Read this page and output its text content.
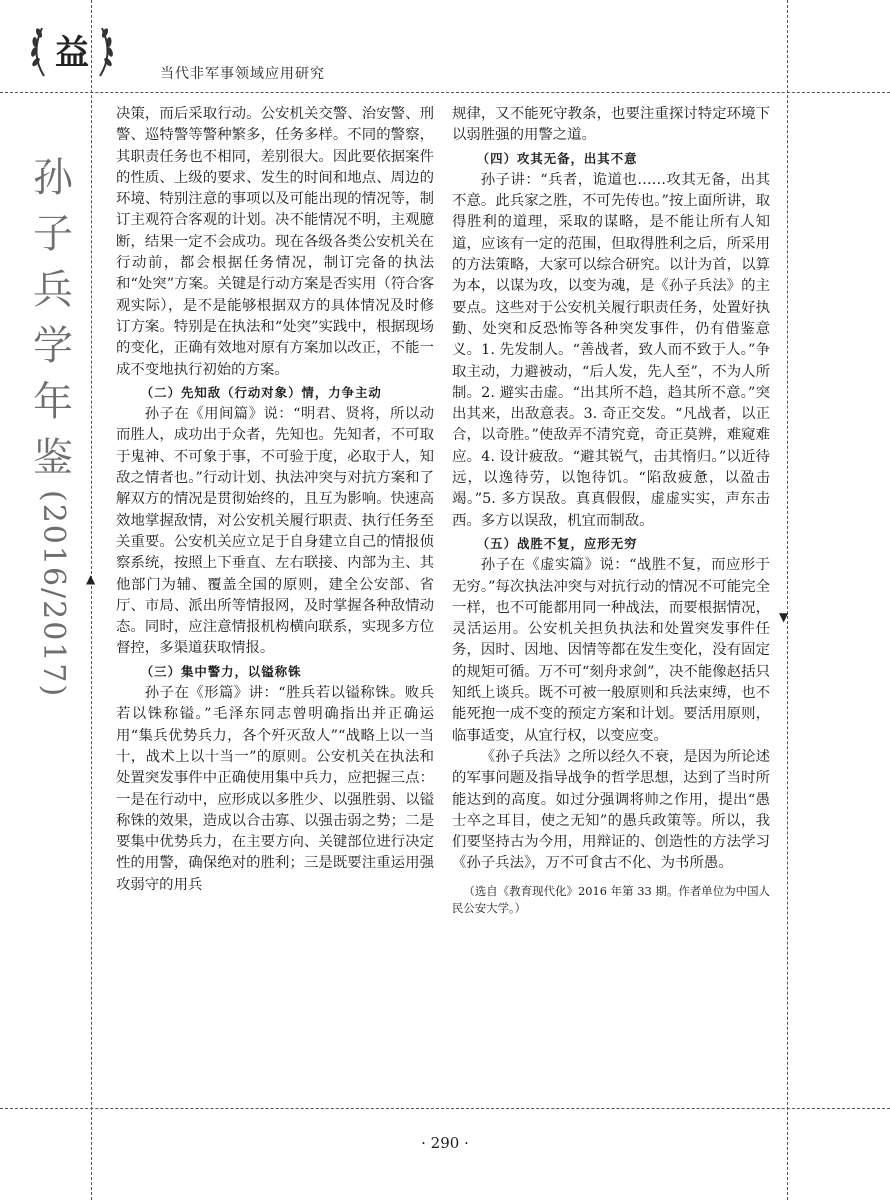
益
当代非军事领域应用研究
孙
子
兵
学
年
鉴
(2016/2017)	▲
▼

决策，而后采取行动。公安机关交警、治安警、刑警、巡特警等警种繁多，任务多样。不同的警察，其职责任务也不相同，差别很大。因此要依据案件的性质、上级的要求、发生的时间和地点、周边的环境、特别注意的事项以及可能出现的情况等，制订主观符合客观的计划。决不能情况不明，主观臆断，结果一定不会成功。现在各级各类公安机关在行动前，都会根据任务情况，制订完备的执法和“处突”方案。关键是行动方案是否实用（符合客观实际），是不是能够根据双方的具体情况及时修订方案。特别是在执法和“处突”实践中，根据现场的变化，正确有效地对原有方案加以改正，不能一成不变地执行初始的方案。

（二）先知敌（行动对象）情，力争主动

孙子在《用间篇》说：“明君、贤将，所以动而胜人，成功出于众者，先知也。先知者，不可取于鬼神、不可象于事，不可验于度，必取于人，知敌之情者也。”行动计划、执法冲突与对抗方案和了解双方的情况是贯彻始终的，且互为影响。快速高效地掌握敌情，对公安机关履行职责、执行任务至关重要。公安机关应立足于自身建立自己的情报侦察系统，按照上下垂直、左右联接、内部为主、其他部门为辅、覆盖全国的原则，建全公安部、省厅、市局、派出所等情报网，及时掌握各种敌情动态。同时，应注意情报机构横向联系，实现多方位督控，多渠道获取情报。

（三）集中警力，以镒称铢

孙子在《形篇》讲：“胜兵若以镒称铢。败兵若以铢称镒。”毛泽东同志曾明确指出并正确运用“集兵优势兵力，各个歼灭敌人”“战略上以一当十，战术上以十当一”的原则。公安机关在执法和处置突发事件中正确使用集中兵力，应把握三点：一是在行动中，应形成以多胜少、以强胜弱、以镒称铢的效果，造成以合击寡、以强击弱之势；二是要集中优势兵力，在主要方向、关键部位进行决定性的用警，确保绝对的胜利；三是既要注重运用强攻弱守的用兵

规律，又不能死守教条，也要注重探讨特定环境下以弱胜强的用警之道。

（四）攻其无备，出其不意

孙子讲：“兵者，诡道也……攻其无备，出其不意。此兵家之胜，不可先传也。”按上面所讲，取得胜利的道理，采取的谋略，是不能让所有人知道，应该有一定的范围，但取得胜利之后，所采用的方法策略，大家可以综合研究。以计为首，以算为本，以谋为攻，以变为魂，是《孙子兵法》的主要点。这些对于公安机关履行职责任务，处置好执勤、处突和反恐怖等各种突发事件，仍有借鉴意义。1. 先发制人。“善战者，致人而不致于人。”争取主动，力避被动，“后人发，先人至”，不为人所制。2. 避实击虚。“出其所不趋，趋其所不意。”突出其来，出敌意表。3. 奇正交发。“凡战者，以正合，以奇胜。”使敌弄不清究竟，奇正莫辨，难窥难应。4. 设计疲敌。“避其锐气，击其惰归。”以近待远，以逸待劳，以饱待饥。“陷敌疲惫，以盈击竭。”5. 多方误敌。真真假假，虚虚实实，声东击西。多方以误敌，机宜而制敌。

（五）战胜不复，应形无穷

孙子在《虚实篇》说：“战胜不复，而应形于无穷。”每次执法冲突与对抗行动的情况不可能完全一样，也不可能都用同一种战法，而要根据情况，灵活运用。公安机关担负执法和处置突发事件任务，因时、因地、因情等都在发生变化，没有固定的规矩可循。万不可“刻舟求剑”，决不能像赵括只知纸上谈兵。既不可被一般原则和兵法束缚，也不能死抱一成不变的预定方案和计划。要活用原则，临事适变，从宜行权，以变应变。

《孙子兵法》之所以经久不衰，是因为所论述的军事问题及指导战争的哲学思想，达到了当时所能达到的高度。如过分强调将帅之作用，提出“愚士卒之耳目，使之无知”的愚兵政策等。所以，我们要坚持古为今用，用辩证的、创造性的方法学习《孙子兵法》，万不可食古不化、为书所愚。

（选自《教育现代化》2016 年第 33 期。作者单位为中国人民公安大学。）

· 290 ·
